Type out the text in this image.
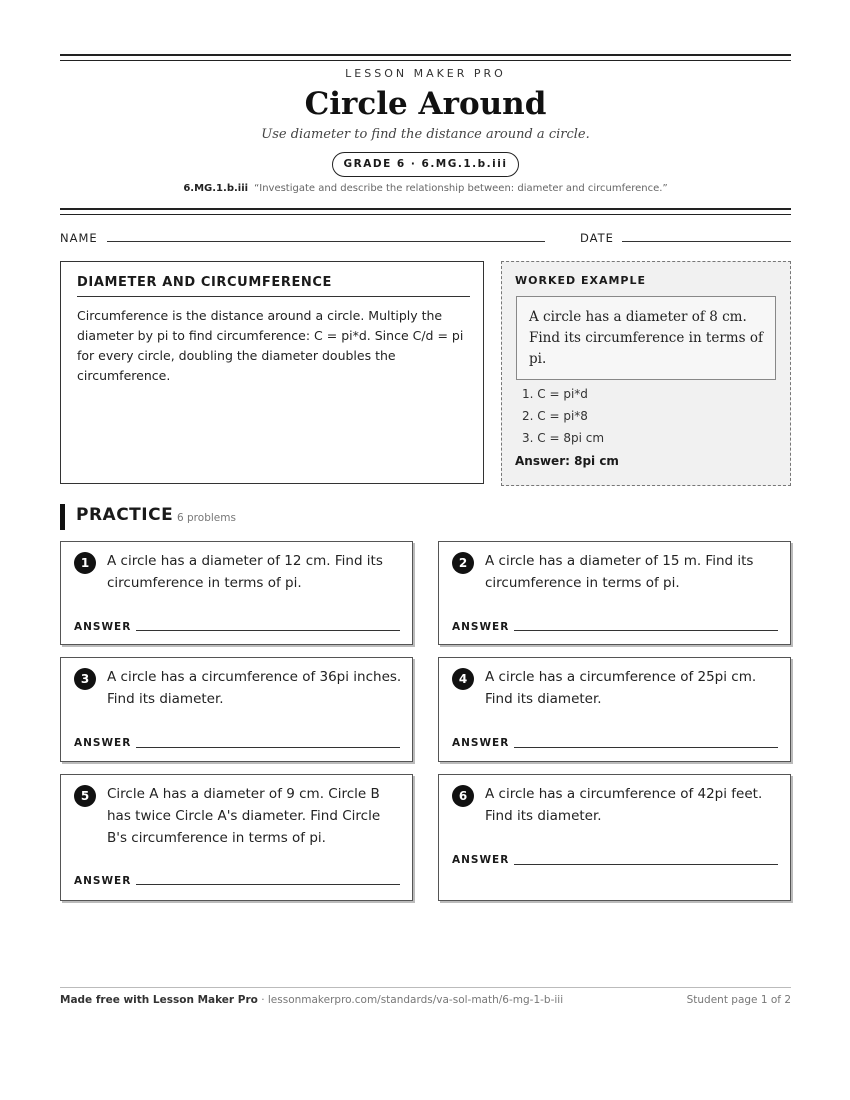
LESSON MAKER PRO
Circle Around
Use diameter to find the distance around a circle.
GRADE 6 · 6.MG.1.b.iii
6.MG.1.b.iii “Investigate and describe the relationship between: diameter and circumference.”
NAME	DATE
DIAMETER AND CIRCUMFERENCE

Circumference is the distance around a circle. Multiply the diameter by pi to find circumference: C = pi*d. Since C/d = pi for every circle, doubling the diameter doubles the circumference.

WORKED EXAMPLE
A circle has a diameter of 8 cm. Find its circumference in terms of pi.
1. C = pi*d
2. C = pi*8
3. C = 8pi cm
Answer: 8pi cm
PRACTICE 6 problems
1	A circle has a diameter of 12 cm. Find its circumference in terms of pi.
ANSWER
2	A circle has a diameter of 15 m. Find its circumference in terms of pi.
ANSWER
3	A circle has a circumference of 36pi inches. Find its diameter.
ANSWER
4	A circle has a circumference of 25pi cm. Find its diameter.
ANSWER
5	Circle A has a diameter of 9 cm. Circle B has twice Circle A's diameter. Find Circle B's circumference in terms of pi.
ANSWER
6	A circle has a circumference of 42pi feet. Find its diameter.
ANSWER
Made free with Lesson Maker Pro · lessonmakerpro.com/standards/va-sol-math/6-mg-1-b-iii	Student page 1 of 2
